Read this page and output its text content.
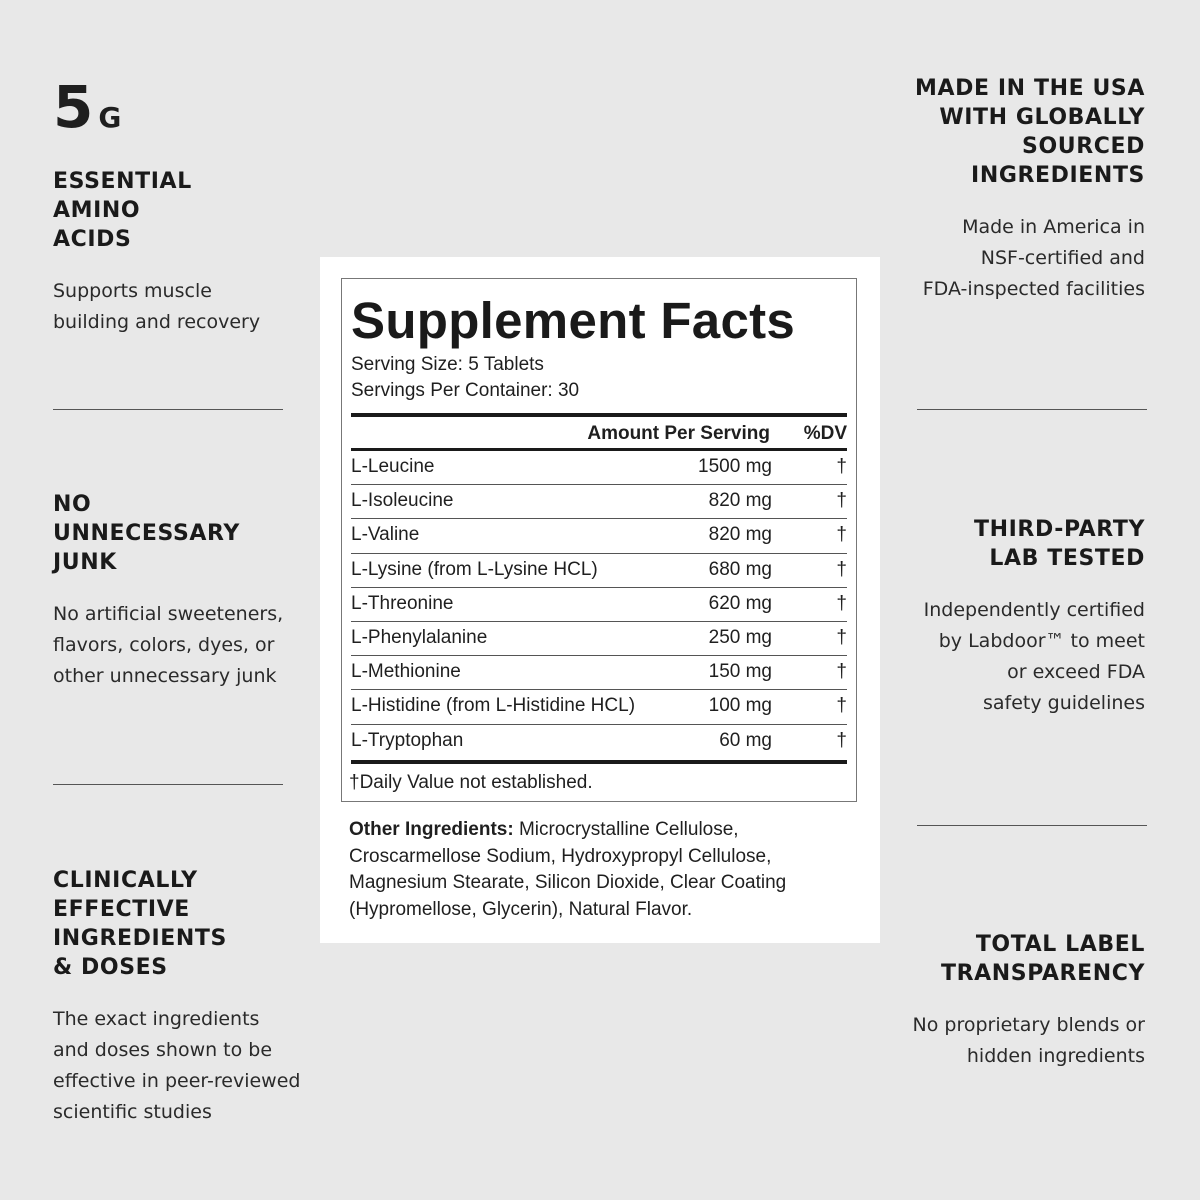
5 G
ESSENTIAL
AMINO
ACIDS
Supports muscle
building and recovery
NO
UNNECESSARY
JUNK
No artificial sweeteners,
flavors, colors, dyes, or
other unnecessary junk
CLINICALLY
EFFECTIVE
INGREDIENTS
& DOSES
The exact ingredients
and doses shown to be
effective in peer-reviewed
scientific studies
MADE IN THE USA
WITH GLOBALLY
SOURCED
INGREDIENTS
Made in America in
NSF-certified and
FDA-inspected facilities
THIRD-PARTY
LAB TESTED
Independently certified
by Labdoor™ to meet
or exceed FDA
safety guidelines
TOTAL LABEL
TRANSPARENCY
No proprietary blends or
hidden ingredients
Supplement Facts
Serving Size: 5 Tablets
Servings Per Container: 30
Amount Per Serving %DV
L-Leucine	1500 mg	†
L-Isoleucine	820 mg	†
L-Valine	820 mg	†
L-Lysine (from L-Lysine HCL)	680 mg	†
L-Threonine	620 mg	†
L-Phenylalanine	250 mg	†
L-Methionine	150 mg	†
L-Histidine (from L-Histidine HCL)	100 mg	†
L-Tryptophan	60 mg	†
†Daily Value not established.
Other Ingredients: Microcrystalline Cellulose, Croscarmellose Sodium, Hydroxypropyl Cellulose, Magnesium Stearate, Silicon Dioxide, Clear Coating (Hypromellose, Glycerin), Natural Flavor.
